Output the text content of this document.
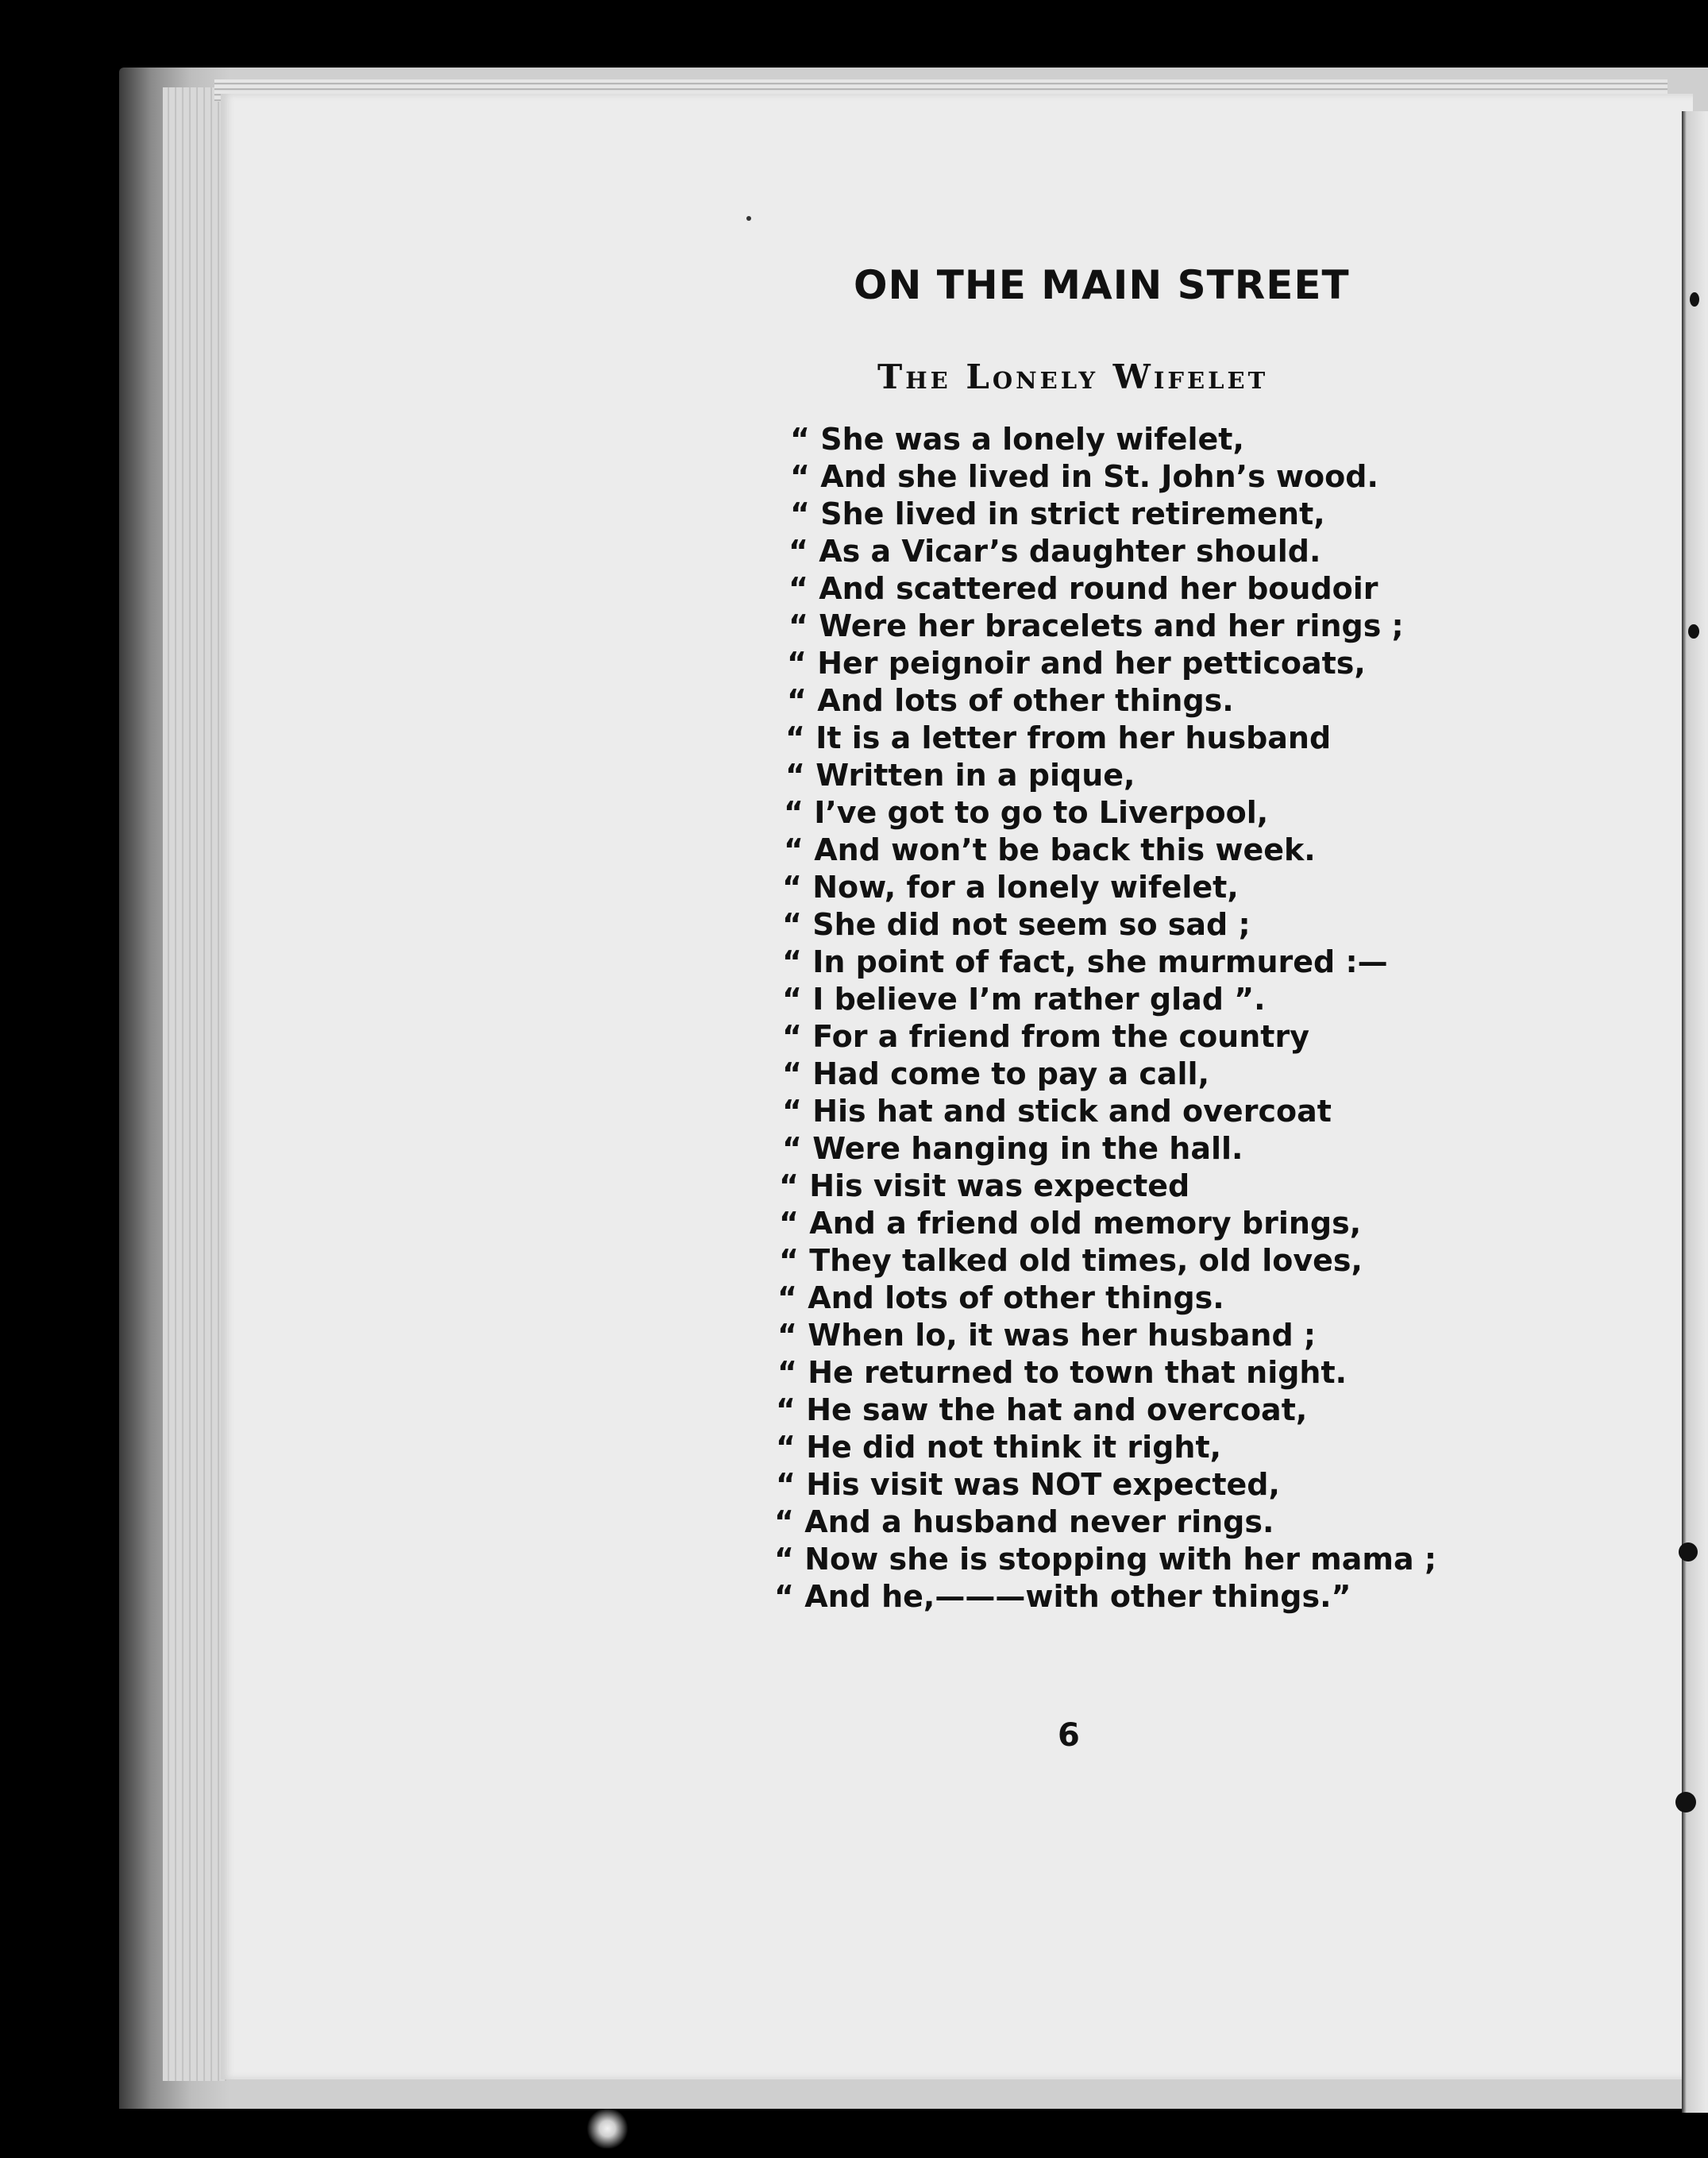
ON THE MAIN STREET
The Lonely Wifelet
“ She was a lonely wifelet,
“ And she lived in St. John’s wood.
“ She lived in strict retirement,
“ As a Vicar’s daughter should.
“ And scattered round her boudoir
“ Were her bracelets and her rings ;
“ Her peignoir and her petticoats,
“ And lots of other things.
“ It is a letter from her husband
“ Written in a pique,
“ I’ve got to go to Liverpool,
“ And won’t be back this week.
“ Now, for a lonely wifelet,
“ She did not seem so sad ;
“ In point of fact, she murmured :—
“ I believe I’m rather glad ”.
“ For a friend from the country
“ Had come to pay a call,
“ His hat and stick and overcoat
“ Were hanging in the hall.
“ His visit was expected
“ And a friend old memory brings,
“ They talked old times, old loves,
“ And lots of other things.
“ When lo, it was her husband ;
“ He returned to town that night.
“ He saw the hat and overcoat,
“ He did not think it right,
“ His visit was NOT expected,
“ And a husband never rings.
“ Now she is stopping with her mama ;
“ And he,———with other things.”
6
